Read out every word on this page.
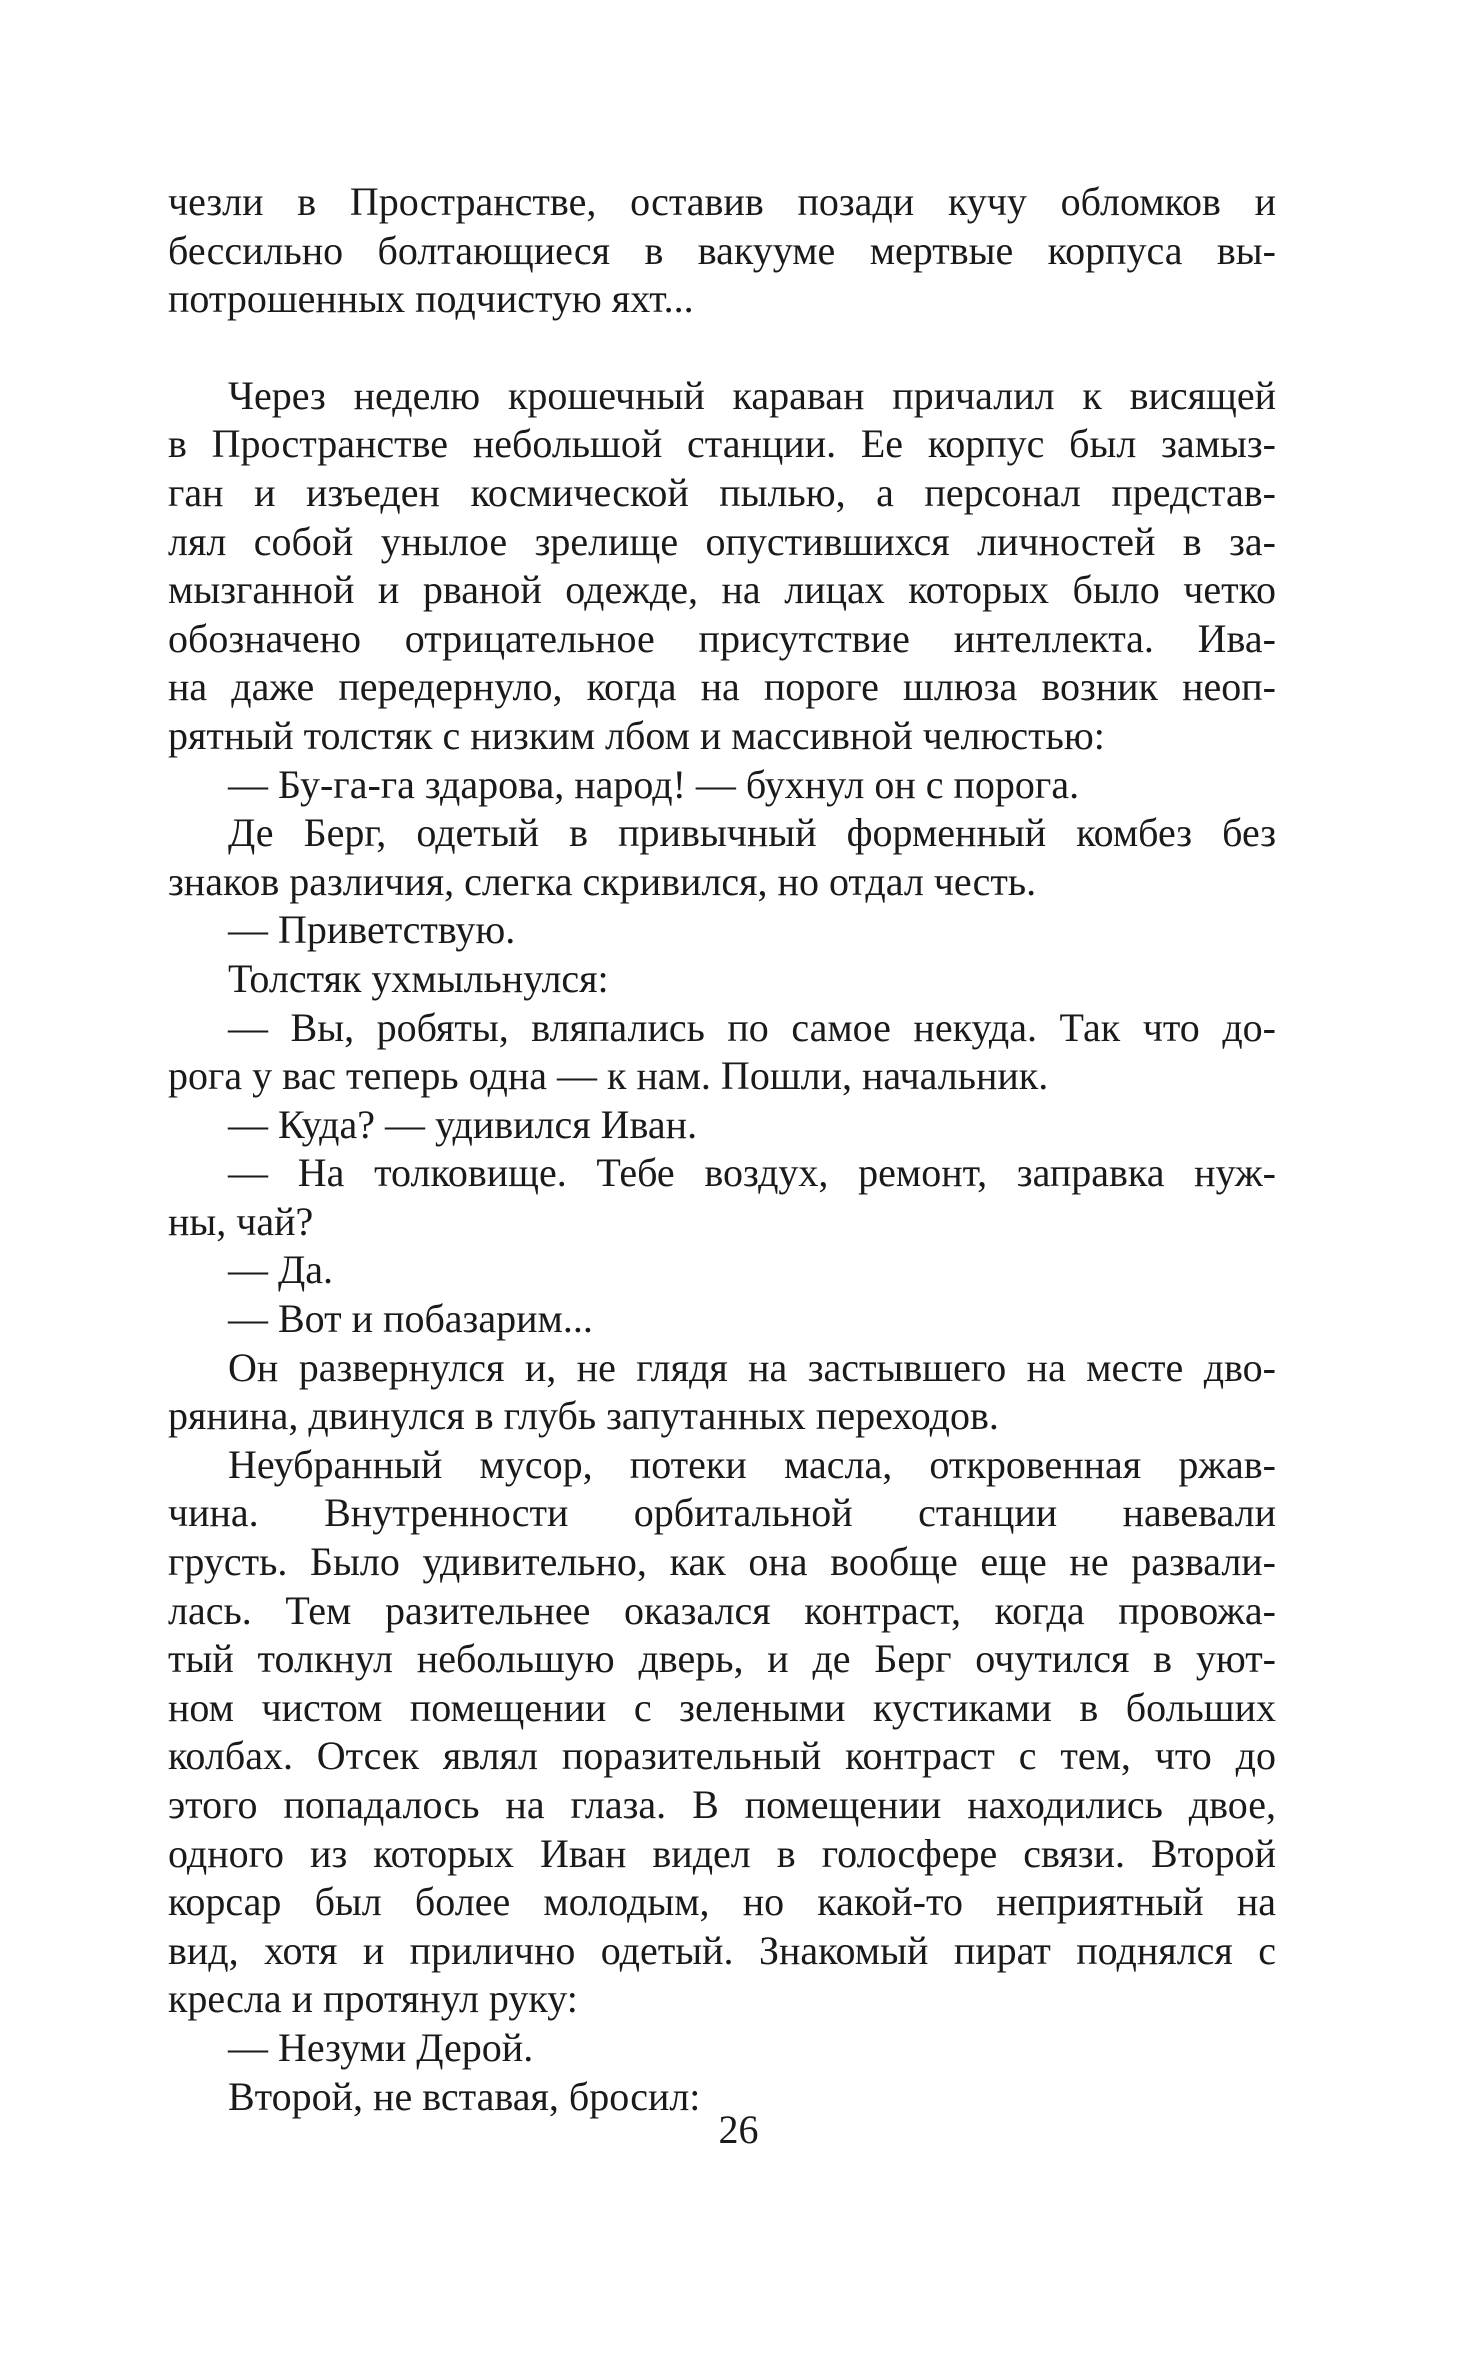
чезли в Пространстве, оставив позади кучу обломков и
бессильно болтающиеся в вакууме мертвые корпуса вы-
потрошенных подчистую яхт...
Через неделю крошечный караван причалил к висящей
в Пространстве небольшой станции. Ее корпус был замыз-
ган и изъеден космической пылью, а персонал представ-
лял собой унылое зрелище опустившихся личностей в за-
мызганной и рваной одежде, на лицах которых было четко
обозначено отрицательное присутствие интеллекта. Ива-
на даже передернуло, когда на пороге шлюза возник неоп-
рятный толстяк с низким лбом и массивной челюстью:
— Бу-га-га здарова, народ! — бухнул он с порога.
Де Берг, одетый в привычный форменный комбез без
знаков различия, слегка скривился, но отдал честь.
— Приветствую.
Толстяк ухмыльнулся:
— Вы, робяты, вляпались по самое некуда. Так что до-
рога у вас теперь одна — к нам. Пошли, начальник.
— Куда? — удивился Иван.
— На толковище. Тебе воздух, ремонт, заправка нуж-
ны, чай?
— Да.
— Вот и побазарим...
Он развернулся и, не глядя на застывшего на месте дво-
рянина, двинулся в глубь запутанных переходов.
Неубранный мусор, потеки масла, откровенная ржав-
чина. Внутренности орбитальной станции навевали
грусть. Было удивительно, как она вообще еще не развали-
лась. Тем разительнее оказался контраст, когда провожа-
тый толкнул небольшую дверь, и де Берг очутился в уют-
ном чистом помещении с зелеными кустиками в больших
колбах. Отсек являл поразительный контраст с тем, что до
этого попадалось на глаза. В помещении находились двое,
одного из которых Иван видел в голосфере связи. Второй
корсар был более молодым, но какой-то неприятный на
вид, хотя и прилично одетый. Знакомый пират поднялся с
кресла и протянул руку:
— Незуми Дерой.
Второй, не вставая, бросил:
26
